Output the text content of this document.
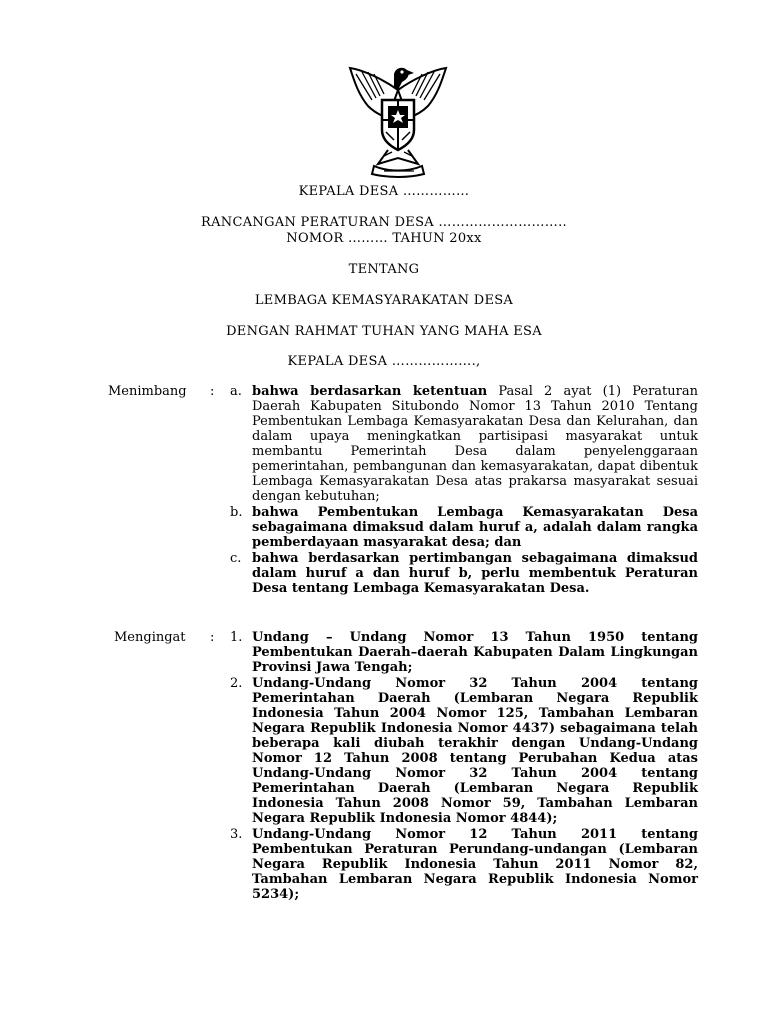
KEPALA DESA ……………
RANCANGAN PERATURAN DESA ………………………..
NOMOR ……… TAHUN 20xx
TENTANG
LEMBAGA KEMASYARAKATAN DESA
DENGAN RAHMAT TUHAN YANG MAHA ESA
KEPALA DESA ……………….,
Menimbang	: a. bahwa berdasarkan ketentuan Pasal 2 ayat (1) Peraturan Daerah Kabupaten Situbondo Nomor 13 Tahun 2010 Tentang Pembentukan Lembaga Kemasyarakatan Desa dan Kelurahan, dan dalam upaya meningkatkan partisipasi masyarakat untuk membantu Pemerintah Desa dalam penyelenggaraan pemerintahan, pembangunan dan kemasyarakatan, dapat dibentuk Lembaga Kemasyarakatan Desa atas prakarsa masyarakat sesuai dengan kebutuhan;
b. bahwa Pembentukan Lembaga Kemasyarakatan Desa sebagaimana dimaksud dalam huruf a, adalah dalam rangka pemberdayaan masyarakat desa; dan
c. bahwa berdasarkan pertimbangan sebagaimana dimaksud dalam huruf a dan huruf b, perlu membentuk Peraturan Desa tentang Lembaga Kemasyarakatan Desa.
Mengingat	: 1. Undang – Undang Nomor 13 Tahun 1950 tentang Pembentukan Daerah–daerah Kabupaten Dalam Lingkungan Provinsi Jawa Tengah;
2. Undang-Undang Nomor 32 Tahun 2004 tentang Pemerintahan Daerah (Lembaran Negara Republik Indonesia Tahun 2004 Nomor 125, Tambahan Lembaran Negara Republik Indonesia Nomor 4437) sebagaimana telah beberapa kali diubah terakhir dengan Undang-Undang Nomor 12 Tahun 2008 tentang Perubahan Kedua atas Undang-Undang Nomor 32 Tahun 2004 tentang Pemerintahan Daerah (Lembaran Negara Republik Indonesia Tahun 2008 Nomor 59, Tambahan Lembaran Negara Republik Indonesia Nomor 4844);
3. Undang-Undang Nomor 12 Tahun 2011 tentang Pembentukan Peraturan Perundang-undangan (Lembaran Negara Republik Indonesia Tahun 2011 Nomor 82, Tambahan Lembaran Negara Republik Indonesia Nomor 5234);
